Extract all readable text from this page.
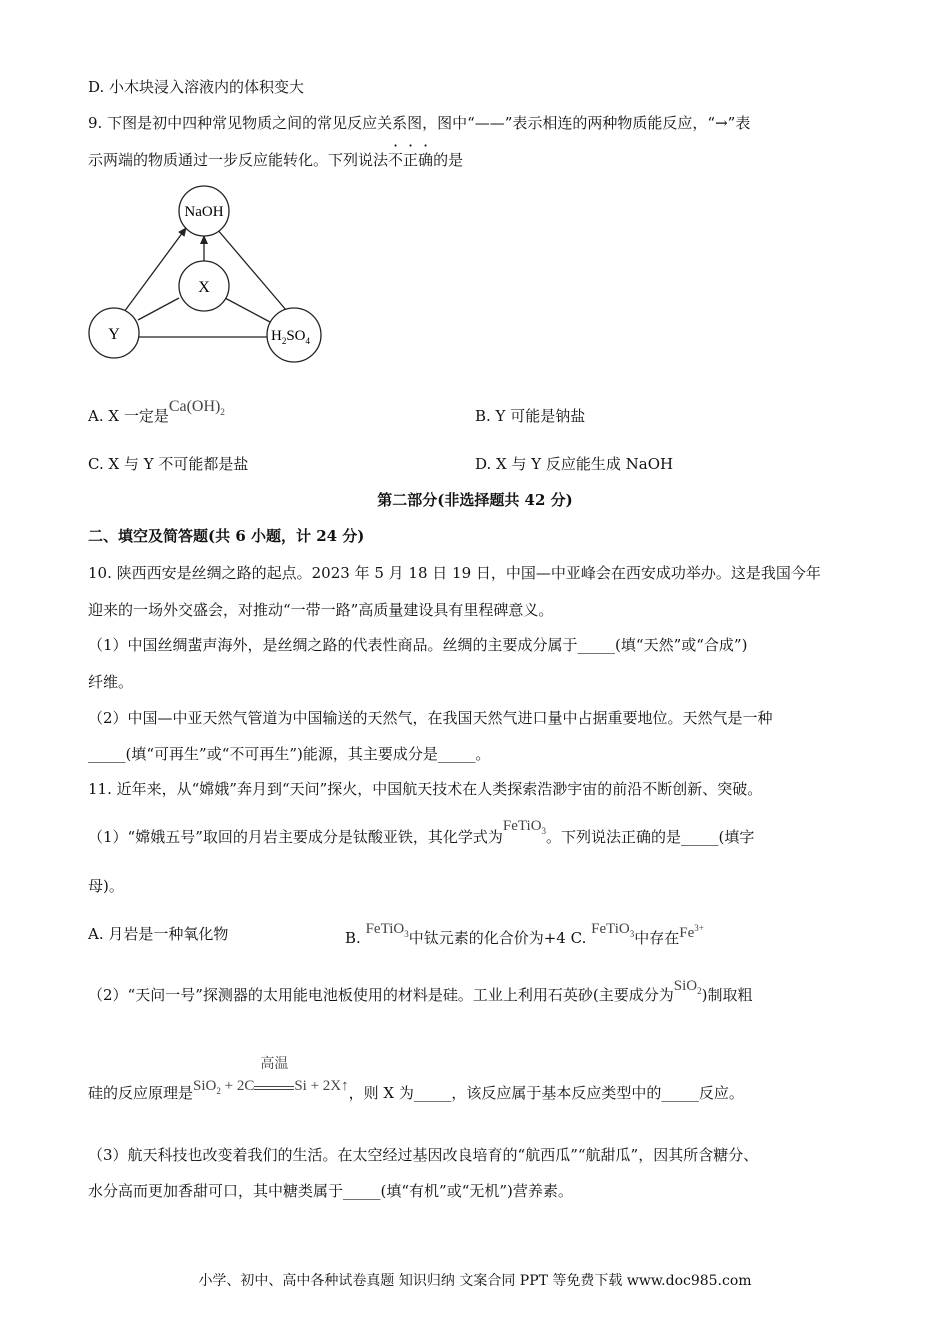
D. 小木块浸入溶液内的体积变大
9. 下图是初中四种常见物质之间的常见反应关系图，图中“——”表示相连的两种物质能反应，“→”表
示两端的物质通过一步反应能转化。下列说法不正确的是
NaOH
X
Y	$H_2SO_4$
A. X 一定是$Ca(OH)_2$	B. Y 可能是钠盐
C. X 与 Y 不可能都是盐	D. X 与 Y 反应能生成 NaOH
第二部分(非选择题共 42 分)
二、填空及简答题(共 6 小题，计 24 分)
10. 陕西西安是丝绸之路的起点。2023 年 5 月 18 日 19 日，中国—中亚峰会在西安成功举办。这是我国今年
迎来的一场外交盛会，对推动“一带一路”高质量建设具有里程碑意义。
（1）中国丝绸蜚声海外，是丝绸之路的代表性商品。丝绸的主要成分属于_____(填“天然”或“合成”)
纤维。
（2）中国—中亚天然气管道为中国输送的天然气，在我国天然气进口量中占据重要地位。天然气是一种
_____(填“可再生”或“不可再生”)能源，其主要成分是_____。
11. 近年来，从“嫦娥”奔月到“天问”探火，中国航天技术在人类探索浩渺宇宙的前沿不断创新、突破。
（1）“嫦娥五号”取回的月岩主要成分是钛酸亚铁，其化学式为FeTiO$_3$。下列说法正确的是_____(填字
母)。
A. 月岩是一种氧化物	B. FeTiO$_3$中钛元素的化合价为+4 C. FeTiO$_3$中存在$Fe^{3+}$
（2）“天问一号”探测器的太用能电池板使用的材料是硅。工业上利用石英砂(主要成分为SiO$_2$)制取粗
硅的反应原理是SiO$_2$ + 2C
高温
Si + 2X↑，则 X 为_____，该反应属于基本反应类型中的_____反应。
（3）航天科技也改变着我们的生活。在太空经过基因改良培育的“航西瓜”“航甜瓜”，因其所含糖分、
水分高而更加香甜可口，其中糖类属于_____(填“有机”或“无机”)营养素。
小学、初中、高中各种试卷真题 知识归纳 文案合同 PPT 等免费下载 www.doc985.com
